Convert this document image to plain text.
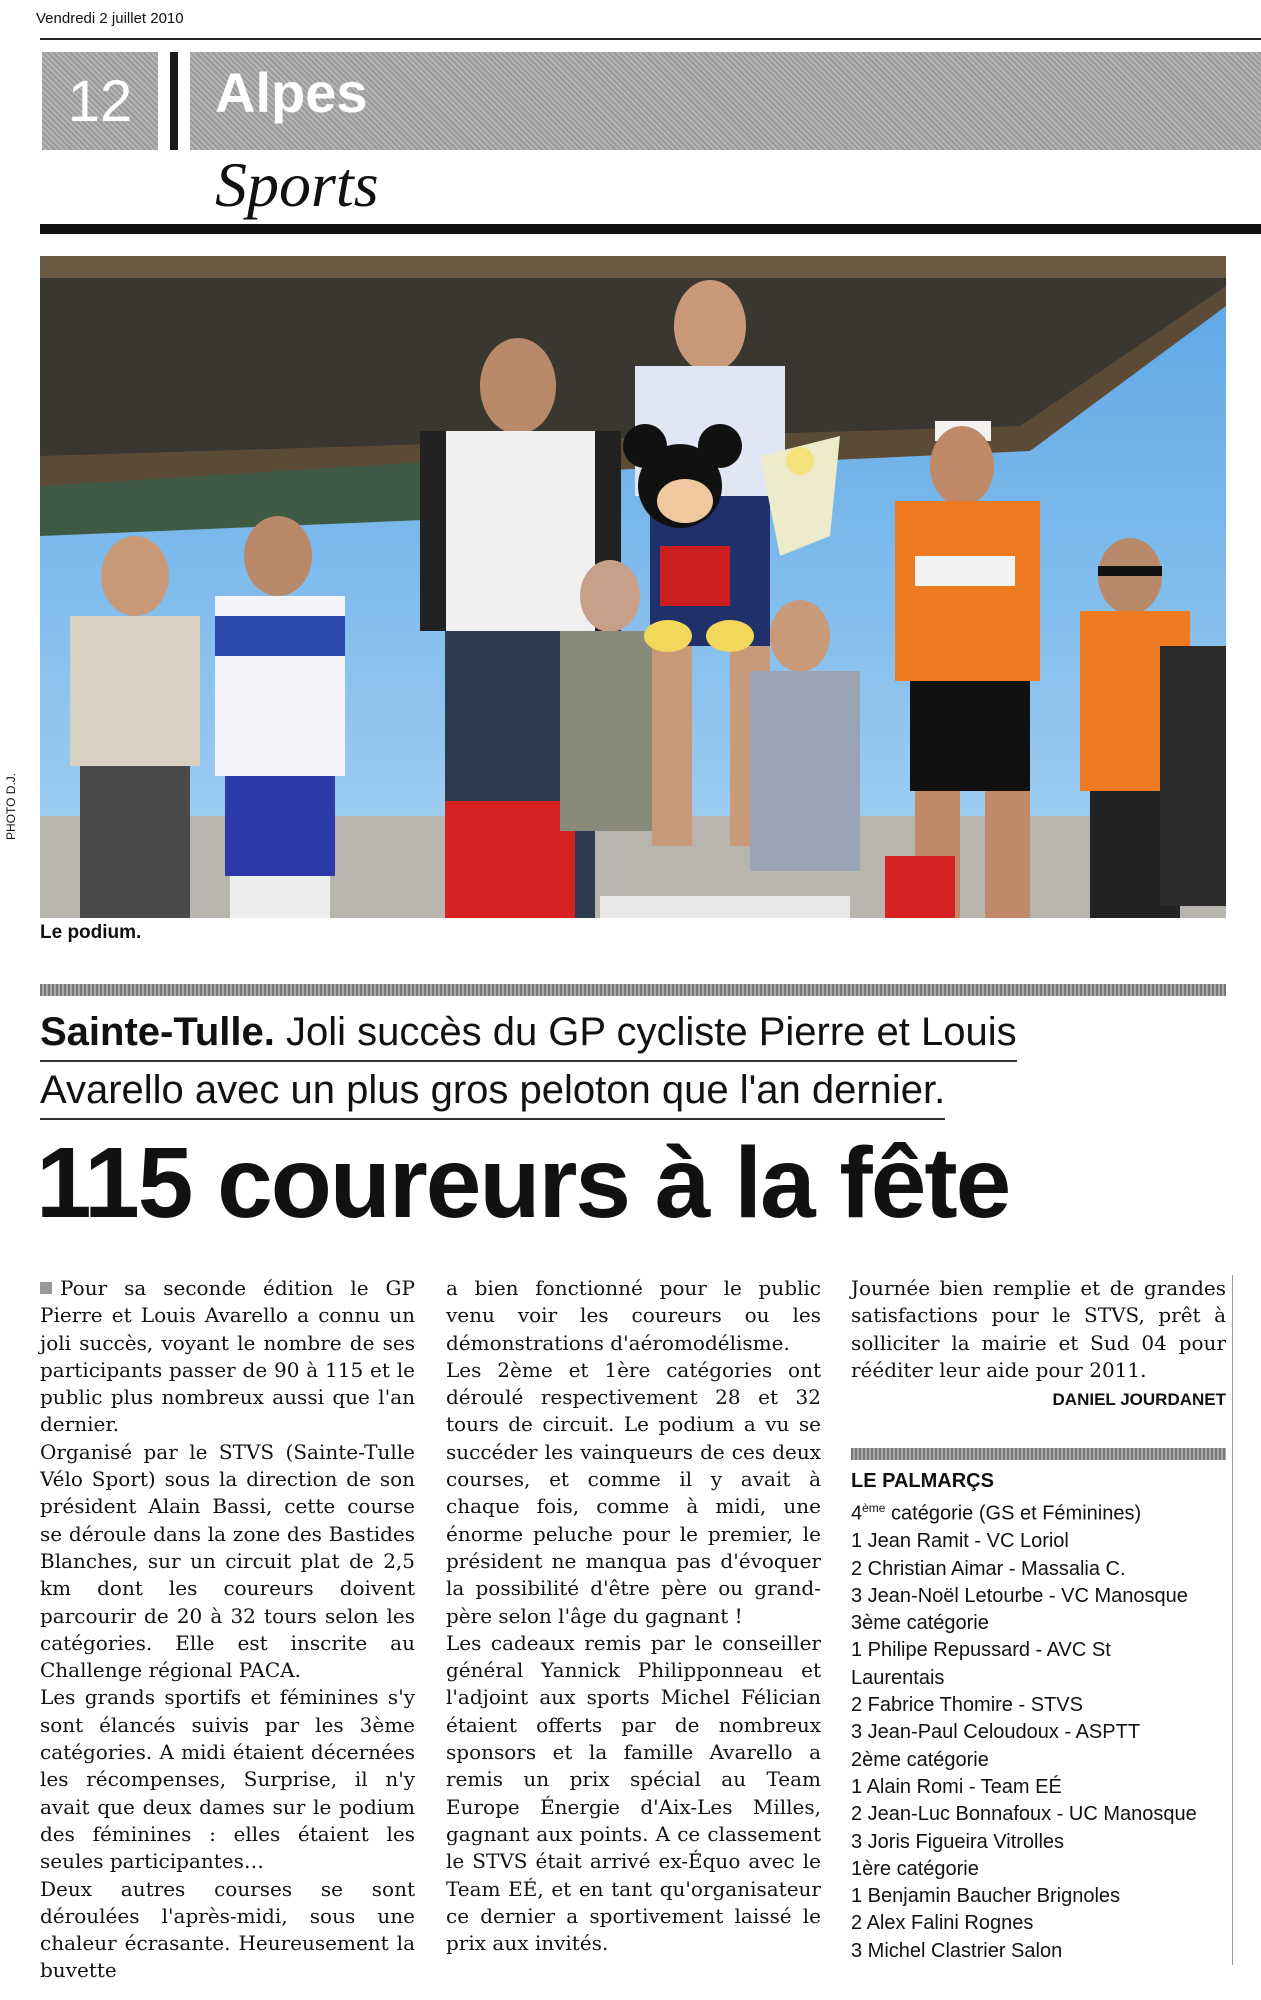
Vendredi 2 juillet 2010
12	Alpes
Sports
PHOTO D.J.
Le podium.
Sainte-Tulle. Joli succès du GP cycliste Pierre et Louis
Avarello avec un plus gros peloton que l'an dernier.
115 coureurs à la fête

Pour sa seconde édition le GP Pierre et Louis Avarello a connu un joli succès, voyant le nombre de ses participants passer de 90 à 115 et le public plus nombreux aussi que l'an dernier.

Organisé par le STVS (Sainte-Tulle Vélo Sport) sous la direction de son président Alain Bassi, cette course se déroule dans la zone des Bastides Blanches, sur un circuit plat de 2,5 km dont les coureurs doivent parcourir de 20 à 32 tours selon les catégories. Elle est inscrite au Challenge régional PACA.

Les grands sportifs et féminines s'y sont élancés suivis par les 3ème catégories. A midi étaient décernées les récompenses, Surprise, il n'y avait que deux dames sur le podium des féminines : elles étaient les seules participantes…

Deux autres courses se sont déroulées l'après-midi, sous une chaleur écrasante. Heureusement la buvette

a bien fonctionné pour le public venu voir les coureurs ou les démonstrations d'aéromodélisme.

Les 2ème et 1ère catégories ont déroulé respectivement 28 et 32 tours de circuit. Le podium a vu se succéder les vainqueurs de ces deux courses, et comme il y avait à chaque fois, comme à midi, une énorme peluche pour le premier, le président ne manqua pas d'évoquer la possibilité d'être père ou grand-père selon l'âge du gagnant !

Les cadeaux remis par le conseiller général Yannick Philipponneau et l'adjoint aux sports Michel Félician étaient offerts par de nombreux sponsors et la famille Avarello a remis un prix spécial au Team Europe Énergie d'Aix-Les Milles, gagnant aux points. A ce classement le STVS était arrivé ex-Équo avec le Team EÉ, et en tant qu'organisateur ce dernier a sportivement laissé le prix aux invités.

Journée bien remplie et de grandes satisfactions pour le STVS, prêt à solliciter la mairie et Sud 04 pour rééditer leur aide pour 2011.

DANIEL JOURDANET
LE PALMARÇS
4ème catégorie (GS et Féminines)
1 Jean Ramit - VC Loriol
2 Christian Aimar - Massalia C.
3 Jean-Noël Letourbe - VC Manosque
3ème catégorie
1 Philipe Repussard - AVC St
Laurentais
2 Fabrice Thomire - STVS
3 Jean-Paul Celoudoux - ASPTT
2ème catégorie
1 Alain Romi - Team EÉ
2 Jean-Luc Bonnafoux - UC Manosque
3 Joris Figueira Vitrolles
1ère catégorie
1 Benjamin Baucher Brignoles
2 Alex Falini Rognes
3 Michel Clastrier Salon
